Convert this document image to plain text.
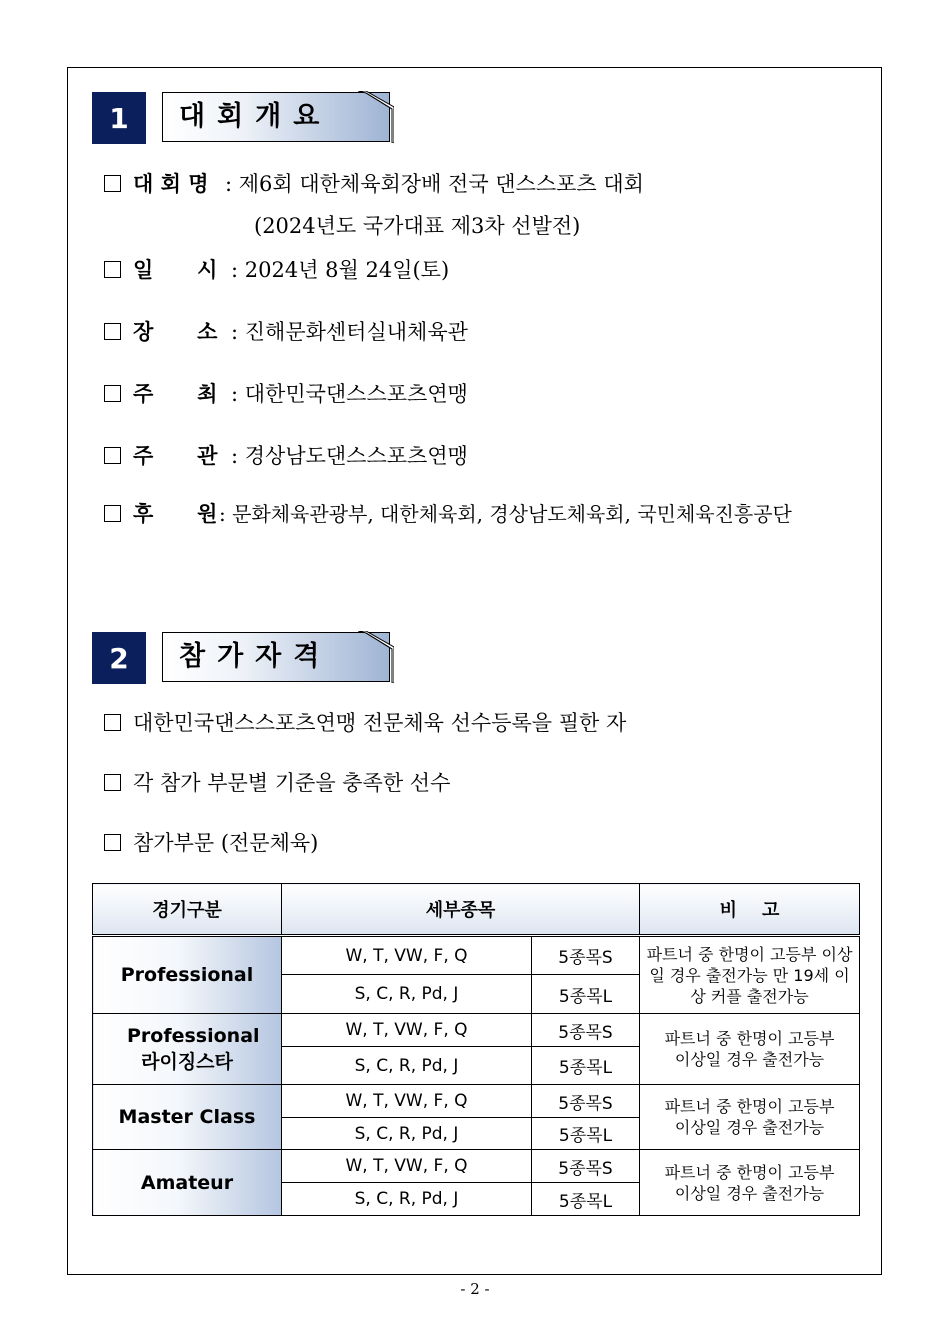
1	대회개요
대 회 명 : 제6회 대한체육회장배 전국 댄스스포츠 대회
(2024년도 국가대표 제3차 선발전)
일      시 : 2024년 8월 24일(토)
장      소 : 진해문화센터실내체육관
주      최 : 대한민국댄스스포츠연맹
주      관 : 경상남도댄스스포츠연맹
후      원: 문화체육관광부, 대한체육회, 경상남도체육회, 국민체육진흥공단
2	참가자격
대한민국댄스스포츠연맹 전문체육 선수등록을 필한 자
각 참가 부문별 기준을 충족한 선수
참가부문 (전문체육)
경기구분	세부종목		비    고
Professional	W, T, VW, F, Q	5종목S	파트너 중 한명이 고등부 이상일 경우 출전가능 만 19세 이상 커플 출전가능
	S, C, R, Pd, J	5종목L	
Professional 라이징스타	W, T, VW, F, Q	5종목S	파트너 중 한명이 고등부 이상일 경우 출전가능
	S, C, R, Pd, J	5종목L	
Master Class	W, T, VW, F, Q	5종목S	파트너 중 한명이 고등부 이상일 경우 출전가능
	S, C, R, Pd, J	5종목L	
Amateur	W, T, VW, F, Q	5종목S	파트너 중 한명이 고등부 이상일 경우 출전가능
	S, C, R, Pd, J	5종목L	
- 2 -
